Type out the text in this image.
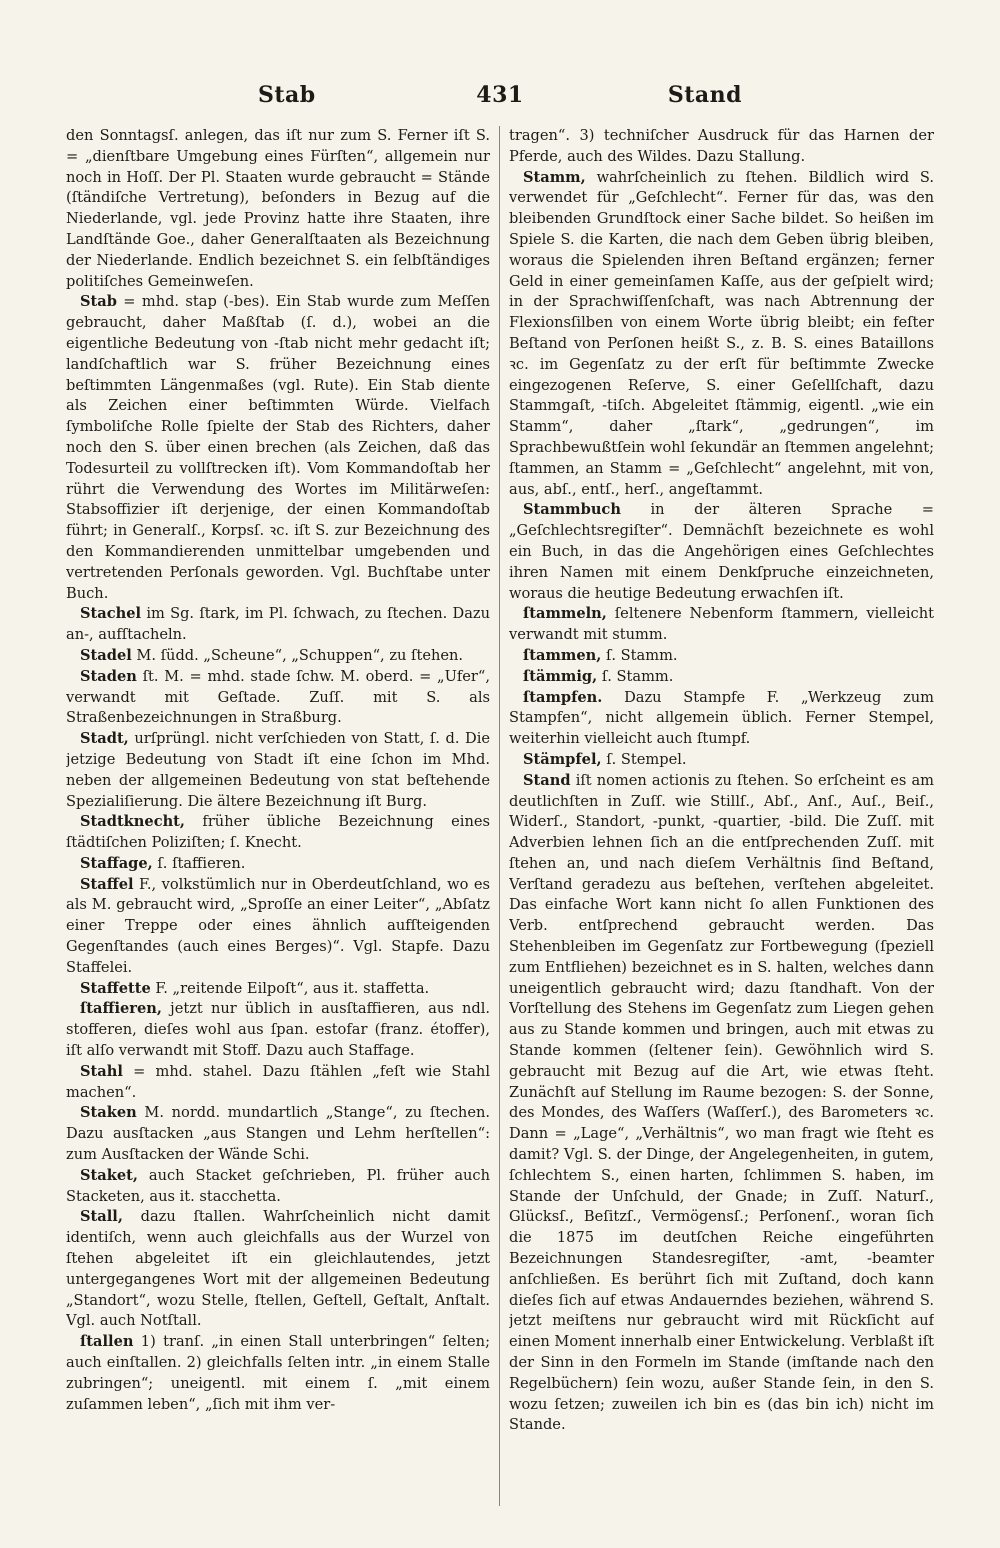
Stab	431	Stand

den Sonntagsſ. anlegen, das iſt nur zum S. Ferner iſt S. = „dienſtbare Umgebung eines Fürſten“, allgemein nur noch in Hoſſ. Der Pl. Staaten wurde gebraucht = Stände (ſtändiſche Vertretung), beſonders in Bezug auf die Niederlande, vgl. jede Provinz hatte ihre Staaten, ihre Landſtände Goe., daher Generalſtaaten als Bezeichnung der Niederlande. Endlich bezeichnet S. ein ſelbſtändiges politiſches Gemeinweſen.

Stab = mhd. stap (-bes). Ein Stab wurde zum Meſſen gebraucht, daher Maßſtab (ſ. d.), wobei an die eigentliche Bedeutung von -ſtab nicht mehr gedacht iſt; landſchaftlich war S. früher Bezeichnung eines beſtimmten Längenmaßes (vgl. Rute). Ein Stab diente als Zeichen einer beſtimmten Würde. Vielfach ſymboliſche Rolle ſpielte der Stab des Richters, daher noch den S. über einen brechen (als Zeichen, daß das Todesurteil zu vollſtrecken iſt). Vom Kommandoſtab her rührt die Verwendung des Wortes im Militärweſen: Stabsoffizier iſt derjenige, der einen Kommandoſtab führt; in Generalſ., Korpsſ. ꝛc. iſt S. zur Bezeichnung des den Kommandierenden unmittelbar umgebenden und vertretenden Perſonals geworden. Vgl. Buchſtabe unter Buch.

Stachel im Sg. ſtark, im Pl. ſchwach, zu ſtechen. Dazu an-, aufſtacheln.

Stadel M. ſüdd. „Scheune“, „Schuppen“, zu ſtehen.

Staden ſt. M. = mhd. stade ſchw. M. oberd. = „Ufer“, verwandt mit Geſtade. Zuſſ. mit S. als Straßenbezeichnungen in Straßburg.

Stadt, urſprüngl. nicht verſchieden von Statt, ſ. d. Die jetzige Bedeutung von Stadt iſt eine ſchon im Mhd. neben der allgemeinen Bedeutung von stat beſtehende Spezialiſierung. Die ältere Bezeichnung iſt Burg.

Stadtknecht, früher übliche Bezeichnung eines ſtädtiſchen Poliziſten; ſ. Knecht.

Staffage, ſ. ſtaffieren.

Staffel F., volkstümlich nur in Oberdeutſchland, wo es als M. gebraucht wird, „Sproſſe an einer Leiter“, „Abſatz einer Treppe oder eines ähnlich aufſteigenden Gegenſtandes (auch eines Berges)“. Vgl. Stapfe. Dazu Staffelei.

Staffette F. „reitende Eilpoſt“, aus it. staffetta.

ſtaffieren, jetzt nur üblich in ausſtaffieren, aus ndl. stofferen, dieſes wohl aus ſpan. estofar (franz. étoffer), iſt alſo verwandt mit Stoff. Dazu auch Staffage.

Stahl = mhd. stahel. Dazu ſtählen „feſt wie Stahl machen“.

Staken M. nordd. mundartlich „Stange“, zu ſtechen. Dazu ausſtacken „aus Stangen und Lehm herſtellen“: zum Ausſtacken der Wände Schi.

Staket, auch Stacket geſchrieben, Pl. früher auch Stacketen, aus it. stacchetta.

Stall, dazu ſtallen. Wahrſcheinlich nicht damit identiſch, wenn auch gleichfalls aus der Wurzel von ſtehen abgeleitet iſt ein gleichlautendes, jetzt untergegangenes Wort mit der allgemeinen Bedeutung „Standort“, wozu Stelle, ſtellen, Geſtell, Geſtalt, Anſtalt. Vgl. auch Notſtall.

ſtallen 1) tranſ. „in einen Stall unterbringen“ ſelten; auch einſtallen. 2) gleichfalls ſelten intr. „in einem Stalle zubringen“; uneigentl. mit einem ſ. „mit einem zuſammen leben“, „ſich mit ihm ver-

tragen“. 3) techniſcher Ausdruck für das Harnen der Pferde, auch des Wildes. Dazu Stallung.

Stamm, wahrſcheinlich zu ſtehen. Bildlich wird S. verwendet für „Geſchlecht“. Ferner für das, was den bleibenden Grundſtock einer Sache bildet. So heißen im Spiele S. die Karten, die nach dem Geben übrig bleiben, woraus die Spielenden ihren Beſtand ergänzen; ferner Geld in einer gemeinſamen Kaſſe, aus der geſpielt wird; in der Sprachwiſſenſchaft, was nach Abtrennung der Flexionsſilben von einem Worte übrig bleibt; ein feſter Beſtand von Perſonen heißt S., z. B. S. eines Bataillons ꝛc. im Gegenſatz zu der erſt für beſtimmte Zwecke eingezogenen Reſerve, S. einer Geſellſchaft, dazu Stammgaſt, -tiſch. Abgeleitet ſtämmig, eigentl. „wie ein Stamm“, daher „ſtark“, „gedrungen“, im Sprachbewußtſein wohl ſekundär an ſtemmen angelehnt; ſtammen, an Stamm = „Geſchlecht“ angelehnt, mit von, aus, abſ., entſ., herſ., angeſtammt.

Stammbuch in der älteren Sprache = „Geſchlechtsregiſter“. Demnächſt bezeichnete es wohl ein Buch, in das die Angehörigen eines Geſchlechtes ihren Namen mit einem Denkſpruche einzeichneten, woraus die heutige Bedeutung erwachſen iſt.

ſtammeln, ſeltenere Nebenform ſtammern, vielleicht verwandt mit stumm.

ſtammen, ſ. Stamm.

ſtämmig, ſ. Stamm.

ſtampfen. Dazu Stampfe F. „Werkzeug zum Stampfen“, nicht allgemein üblich. Ferner Stempel, weiterhin vielleicht auch ſtumpf.

Stämpfel, ſ. Stempel.

Stand iſt nomen actionis zu ſtehen. So erſcheint es am deutlichſten in Zuſſ. wie Stillſ., Abſ., Anſ., Auſ., Beiſ., Widerſ., Standort, -punkt, -quartier, -bild. Die Zuſſ. mit Adverbien lehnen ſich an die entſprechenden Zuſſ. mit ſtehen an, und nach dieſem Verhältnis ſind Beſtand, Verſtand geradezu aus beſtehen, verſtehen abgeleitet. Das einfache Wort kann nicht ſo allen Funktionen des Verb. entſprechend gebraucht werden. Das Stehenbleiben im Gegenſatz zur Fortbewegung (ſpeziell zum Entfliehen) bezeichnet es in S. halten, welches dann uneigentlich gebraucht wird; dazu ſtandhaft. Von der Vorſtellung des Stehens im Gegenſatz zum Liegen gehen aus zu Stande kommen und bringen, auch mit etwas zu Stande kommen (ſeltener ſein). Gewöhnlich wird S. gebraucht mit Bezug auf die Art, wie etwas ſteht. Zunächſt auf Stellung im Raume bezogen: S. der Sonne, des Mondes, des Waſſers (Waſſerſ.), des Barometers ꝛc. Dann = „Lage“, „Verhältnis“, wo man fragt wie ſteht es damit? Vgl. S. der Dinge, der Angelegenheiten, in gutem, ſchlechtem S., einen harten, ſchlimmen S. haben, im Stande der Unſchuld, der Gnade; in Zuſſ. Naturſ., Glücksſ., Beſitzſ., Vermögensſ.; Perſonenſ., woran ſich die 1875 im deutſchen Reiche eingeführten Bezeichnungen Standesregiſter, -amt, -beamter anſchließen. Es berührt ſich mit Zuſtand, doch kann dieſes ſich auf etwas Andauerndes beziehen, während S. jetzt meiſtens nur gebraucht wird mit Rückſicht auf einen Moment innerhalb einer Entwickelung. Verblaßt iſt der Sinn in den Formeln im Stande (imſtande nach den Regelbüchern) ſein wozu, außer Stande ſein, in den S. wozu ſetzen; zuweilen ich bin es (das bin ich) nicht im Stande.
